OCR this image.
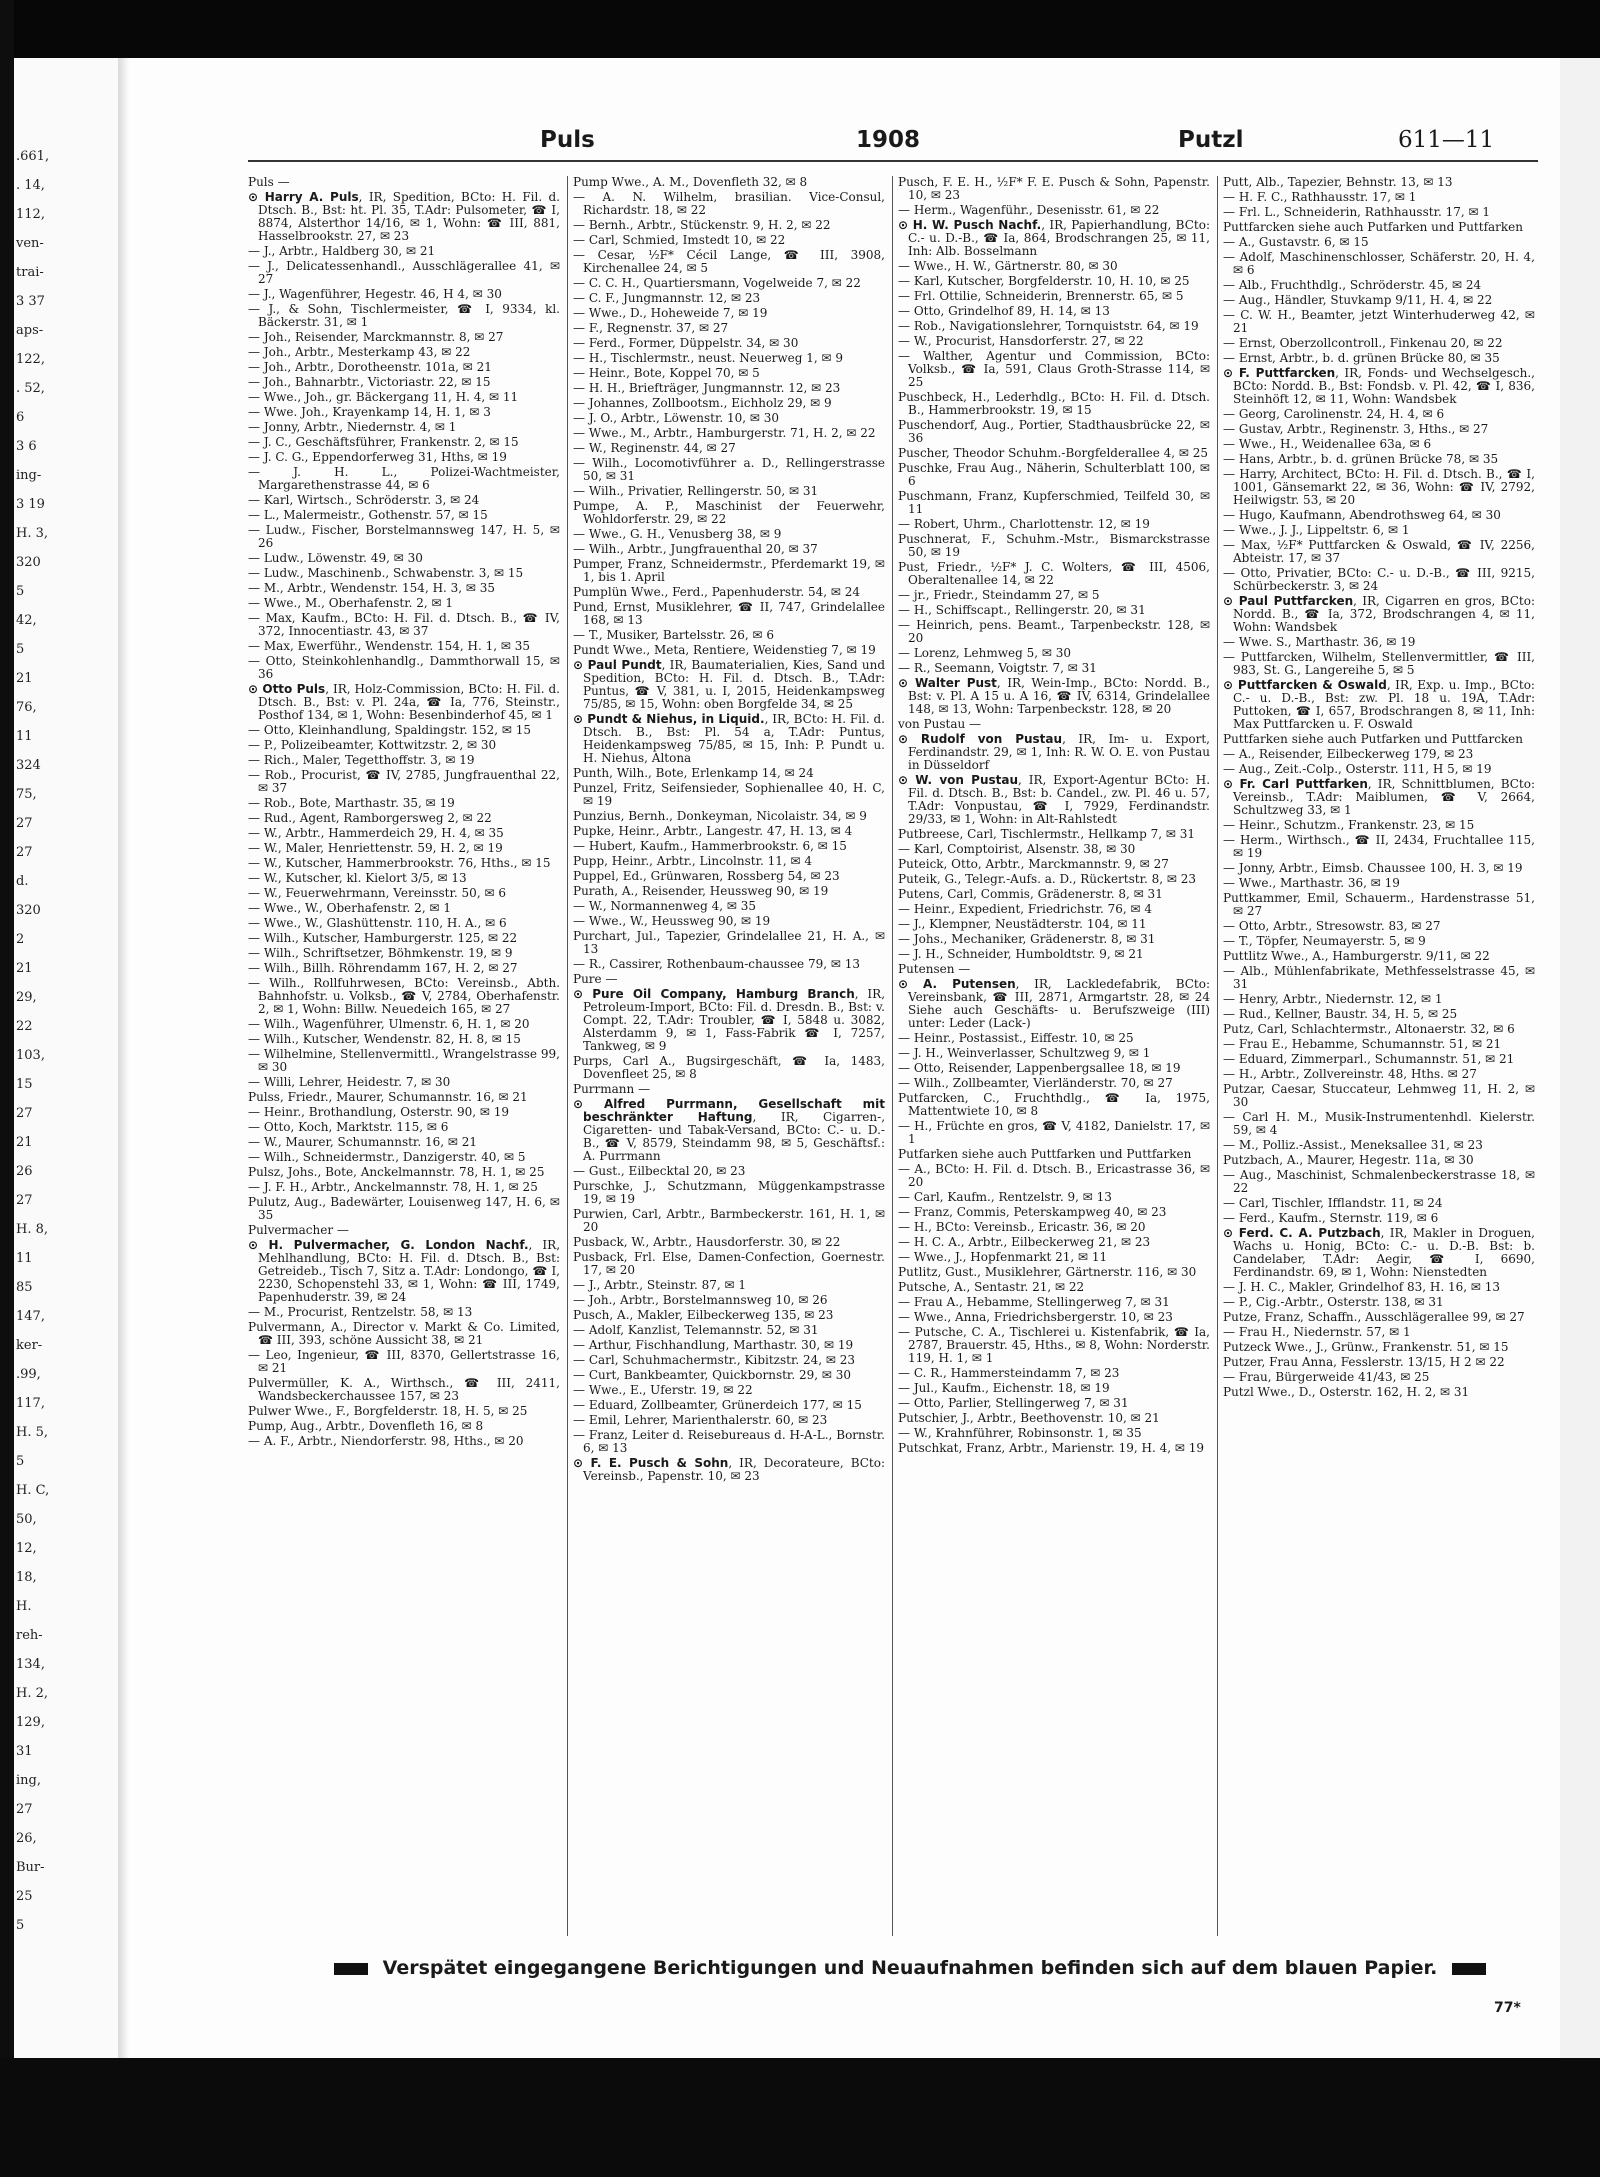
.661,
. 14,
112,
ven-
trai-
3 37
aps-
122,
. 52,
6
3 6
ing-
3 19
H. 3,
320
5
42,
5
21
76,
11
324
75,
27
27
d.
320
2
21
29,
22
103,
15
27
21
26
27
H. 8,
11
85
147,
ker-
.99,
117,
H. 5,
5
H. C,
50,
12,
18,
H.
reh-
134,
H. 2,
129,
31
ing,
27
26,
Bur-
25
5
Puls	1908	Putzl	611—11
Puls —
⊙ Harry A. Puls, IR, Spedition, BCto: H. Fil. d. Dtsch. B., Bst: ht. Pl. 35, T.Adr: Pulsometer, ☎ I, 8874, Alsterthor 14/16, ✉ 1, Wohn: ☎ III, 881, Hasselbrookstr. 27, ✉ 23
— J., Arbtr., Haldberg 30, ✉ 21
— J., Delicatessenhandl., Ausschlägerallee 41, ✉ 27
— J., Wagenführer, Hegestr. 46, H 4, ✉ 30
— J., & Sohn, Tischlermeister, ☎ I, 9334, kl. Bäckerstr. 31, ✉ 1
— Joh., Reisender, Marckmannstr. 8, ✉ 27
— Joh., Arbtr., Mesterkamp 43, ✉ 22
— Joh., Arbtr., Dorotheenstr. 101a, ✉ 21
— Joh., Bahnarbtr., Victoriastr. 22, ✉ 15
— Wwe., Joh., gr. Bäckergang 11, H. 4, ✉ 11
— Wwe. Joh., Krayenkamp 14, H. 1, ✉ 3
— Jonny, Arbtr., Niedernstr. 4, ✉ 1
— J. C., Geschäftsführer, Frankenstr. 2, ✉ 15
— J. C. G., Eppendorferweg 31, Hths, ✉ 19
— J. H. L., Polizei-Wachtmeister, Margarethenstrasse 44, ✉ 6
— Karl, Wirtsch., Schröderstr. 3, ✉ 24
— L., Malermeistr., Gothenstr. 57, ✉ 15
— Ludw., Fischer, Borstelmannsweg 147, H. 5, ✉ 26
— Ludw., Löwenstr. 49, ✉ 30
— Ludw., Maschinenb., Schwabenstr. 3, ✉ 15
— M., Arbtr., Wendenstr. 154, H. 3, ✉ 35
— Wwe., M., Oberhafenstr. 2, ✉ 1
— Max, Kaufm., BCto: H. Fil. d. Dtsch. B., ☎ IV, 372, Innocentiastr. 43, ✉ 37
— Max, Ewerführ., Wendenstr. 154, H. 1, ✉ 35
— Otto, Steinkohlenhandlg., Dammthorwall 15, ✉ 36
⊙ Otto Puls, IR, Holz-Commission, BCto: H. Fil. d. Dtsch. B., Bst: v. Pl. 24a, ☎ Ia, 776, Steinstr., Posthof 134, ✉ 1, Wohn: Besenbinderhof 45, ✉ 1
— Otto, Kleinhandlung, Spaldingstr. 152, ✉ 15
— P., Polizeibeamter, Kottwitzstr. 2, ✉ 30
— Rich., Maler, Tegetthoffstr. 3, ✉ 19
— Rob., Procurist, ☎ IV, 2785, Jungfrauenthal 22, ✉ 37
— Rob., Bote, Marthastr. 35, ✉ 19
— Rud., Agent, Ramborgersweg 2, ✉ 22
— W., Arbtr., Hammerdeich 29, H. 4, ✉ 35
— W., Maler, Henriettenstr. 59, H. 2, ✉ 19
— W., Kutscher, Hammerbrookstr. 76, Hths., ✉ 15
— W., Kutscher, kl. Kielort 3/5, ✉ 13
— W., Feuerwehrmann, Vereinsstr. 50, ✉ 6
— Wwe., W., Oberhafenstr. 2, ✉ 1
— Wwe., W., Glashüttenstr. 110, H. A., ✉ 6
— Wilh., Kutscher, Hamburgerstr. 125, ✉ 22
— Wilh., Schriftsetzer, Böhmkenstr. 19, ✉ 9
— Wilh., Billh. Röhrendamm 167, H. 2, ✉ 27
— Wilh., Rollfuhrwesen, BCto: Vereinsb., Abth. Bahnhofstr. u. Volksb., ☎ V, 2784, Oberhafenstr. 2, ✉ 1, Wohn: Billw. Neuedeich 165, ✉ 27
— Wilh., Wagenführer, Ulmenstr. 6, H. 1, ✉ 20
— Wilh., Kutscher, Wendenstr. 82, H. 8, ✉ 15
— Wilhelmine, Stellenvermittl., Wrangelstrasse 99, ✉ 30
— Willi, Lehrer, Heidestr. 7, ✉ 30
Pulss, Friedr., Maurer, Schumannstr. 16, ✉ 21
— Heinr., Brothandlung, Osterstr. 90, ✉ 19
— Otto, Koch, Marktstr. 115, ✉ 6
— W., Maurer, Schumannstr. 16, ✉ 21
— Wilh., Schneidermstr., Danzigerstr. 40, ✉ 5
Pulsz, Johs., Bote, Anckelmannstr. 78, H. 1, ✉ 25
— J. F. H., Arbtr., Anckelmannstr. 78, H. 1, ✉ 25
Pulutz, Aug., Badewärter, Louisenweg 147, H. 6, ✉ 35
Pulvermacher —
⊙ H. Pulvermacher, G. London Nachf., IR, Mehlhandlung, BCto: H. Fil. d. Dtsch. B., Bst: Getreideb., Tisch 7, Sitz a. T.Adr: Londongo, ☎ I, 2230, Schopenstehl 33, ✉ 1, Wohn: ☎ III, 1749, Papenhuderstr. 39, ✉ 24
— M., Procurist, Rentzelstr. 58, ✉ 13
Pulvermann, A., Director v. Markt & Co. Limited, ☎ III, 393, schöne Aussicht 38, ✉ 21
— Leo, Ingenieur, ☎ III, 8370, Gellertstrasse 16, ✉ 21
Pulvermüller, K. A., Wirthsch., ☎ III, 2411, Wandsbeckerchaussee 157, ✉ 23
Pulwer Wwe., F., Borgfelderstr. 18, H. 5, ✉ 25
Pump, Aug., Arbtr., Dovenfleth 16, ✉ 8
— A. F., Arbtr., Niendorferstr. 98, Hths., ✉ 20
Pump Wwe., A. M., Dovenfleth 32, ✉ 8
— A. N. Wilhelm, brasilian. Vice-Consul, Richardstr. 18, ✉ 22
— Bernh., Arbtr., Stückenstr. 9, H. 2, ✉ 22
— Carl, Schmied, Imstedt 10, ✉ 22
— Cesar, ½F* Cécil Lange, ☎ III, 3908, Kirchenallee 24, ✉ 5
— C. C. H., Quartiersmann, Vogelweide 7, ✉ 22
— C. F., Jungmannstr. 12, ✉ 23
— Wwe., D., Hoheweide 7, ✉ 19
— F., Regnenstr. 37, ✉ 27
— Ferd., Former, Düppelstr. 34, ✉ 30
— H., Tischlermstr., neust. Neuerweg 1, ✉ 9
— Heinr., Bote, Koppel 70, ✉ 5
— H. H., Briefträger, Jungmannstr. 12, ✉ 23
— Johannes, Zollbootsm., Eichholz 29, ✉ 9
— J. O., Arbtr., Löwenstr. 10, ✉ 30
— Wwe., M., Arbtr., Hamburgerstr. 71, H. 2, ✉ 22
— W., Reginenstr. 44, ✉ 27
— Wilh., Locomotivführer a. D., Rellingerstrasse 50, ✉ 31
— Wilh., Privatier, Rellingerstr. 50, ✉ 31
Pumpe, A. P., Maschinist der Feuerwehr, Wohldorferstr. 29, ✉ 22
— Wwe., G. H., Venusberg 38, ✉ 9
— Wilh., Arbtr., Jungfrauenthal 20, ✉ 37
Pumper, Franz, Schneidermstr., Pferdemarkt 19, ✉ 1, bis 1. April
Pumplün Wwe., Ferd., Papenhuderstr. 54, ✉ 24
Pund, Ernst, Musiklehrer, ☎ II, 747, Grindelallee 168, ✉ 13
— T., Musiker, Bartelsstr. 26, ✉ 6
Pundt Wwe., Meta, Rentiere, Weidenstieg 7, ✉ 19
⊙ Paul Pundt, IR, Baumaterialien, Kies, Sand und Spedition, BCto: H. Fil. d. Dtsch. B., T.Adr: Puntus, ☎ V, 381, u. I, 2015, Heidenkampsweg 75/85, ✉ 15, Wohn: oben Borgfelde 34, ✉ 25
⊙ Pundt & Niehus, in Liquid., IR, BCto: H. Fil. d. Dtsch. B., Bst: Pl. 54 a, T.Adr: Puntus, Heidenkampsweg 75/85, ✉ 15, Inh: P. Pundt u. H. Niehus, Altona
Punth, Wilh., Bote, Erlenkamp 14, ✉ 24
Punzel, Fritz, Seifensieder, Sophienallee 40, H. C, ✉ 19
Punzius, Bernh., Donkeyman, Nicolaistr. 34, ✉ 9
Pupke, Heinr., Arbtr., Langestr. 47, H. 13, ✉ 4
— Hubert, Kaufm., Hammerbrookstr. 6, ✉ 15
Pupp, Heinr., Arbtr., Lincolnstr. 11, ✉ 4
Puppel, Ed., Grünwaren, Rossberg 54, ✉ 23
Purath, A., Reisender, Heussweg 90, ✉ 19
— W., Normannenweg 4, ✉ 35
— Wwe., W., Heussweg 90, ✉ 19
Purchart, Jul., Tapezier, Grindelallee 21, H. A., ✉ 13
— R., Cassirer, Rothenbaum-chaussee 79, ✉ 13
Pure —
⊙ Pure Oil Company, Hamburg Branch, IR, Petroleum-Import, BCto: Fil. d. Dresdn. B., Bst: v. Compt. 22, T.Adr: Troubler, ☎ I, 5848 u. 3082, Alsterdamm 9, ✉ 1, Fass-Fabrik ☎ I, 7257, Tankweg, ✉ 9
Purps, Carl A., Bugsirgeschäft, ☎ Ia, 1483, Dovenfleet 25, ✉ 8
Purrmann —
⊙ Alfred Purrmann, Gesellschaft mit beschränkter Haftung, IR, Cigarren-, Cigaretten- und Tabak-Versand, BCto: C.- u. D.-B., ☎ V, 8579, Steindamm 98, ✉ 5, Geschäftsf.: A. Purrmann
— Gust., Eilbecktal 20, ✉ 23
Purschke, J., Schutzmann, Müggenkampstrasse 19, ✉ 19
Purwien, Carl, Arbtr., Barmbeckerstr. 161, H. 1, ✉ 20
Pusback, W., Arbtr., Hausdorferstr. 30, ✉ 22
Pusback, Frl. Else, Damen-Confection, Goernestr. 17, ✉ 20
— J., Arbtr., Steinstr. 87, ✉ 1
— Joh., Arbtr., Borstelmannsweg 10, ✉ 26
Pusch, A., Makler, Eilbeckerweg 135, ✉ 23
— Adolf, Kanzlist, Telemannstr. 52, ✉ 31
— Arthur, Fischhandlung, Marthastr. 30, ✉ 19
— Carl, Schuhmachermstr., Kibitzstr. 24, ✉ 23
— Curt, Bankbeamter, Quickbornstr. 29, ✉ 30
— Wwe., E., Uferstr. 19, ✉ 22
— Eduard, Zollbeamter, Grünerdeich 177, ✉ 15
— Emil, Lehrer, Marienthalerstr. 60, ✉ 23
— Franz, Leiter d. Reisebureaus d. H-A-L., Bornstr. 6, ✉ 13
⊙ F. E. Pusch & Sohn, IR, Decorateure, BCto: Vereinsb., Papenstr. 10, ✉ 23
Pusch, F. E. H., ½F* F. E. Pusch & Sohn, Papenstr. 10, ✉ 23
— Herm., Wagenführ., Desenisstr. 61, ✉ 22
⊙ H. W. Pusch Nachf., IR, Papierhandlung, BCto: C.- u. D.-B., ☎ Ia, 864, Brodschrangen 25, ✉ 11, Inh: Alb. Bosselmann
— Wwe., H. W., Gärtnerstr. 80, ✉ 30
— Karl, Kutscher, Borgfelderstr. 10, H. 10, ✉ 25
— Frl. Ottilie, Schneiderin, Brennerstr. 65, ✉ 5
— Otto, Grindelhof 89, H. 14, ✉ 13
— Rob., Navigationslehrer, Tornquiststr. 64, ✉ 19
— W., Procurist, Hansdorferstr. 27, ✉ 22
— Walther, Agentur und Commission, BCto: Volksb., ☎ Ia, 591, Claus Groth-Strasse 114, ✉ 25
Puschbeck, H., Lederhdlg., BCto: H. Fil. d. Dtsch. B., Hammerbrookstr. 19, ✉ 15
Puschendorf, Aug., Portier, Stadthausbrücke 22, ✉ 36
Puscher, Theodor Schuhm.-Borgfelderallee 4, ✉ 25
Puschke, Frau Aug., Näherin, Schulterblatt 100, ✉ 6
Puschmann, Franz, Kupferschmied, Teilfeld 30, ✉ 11
— Robert, Uhrm., Charlottenstr. 12, ✉ 19
Puschnerat, F., Schuhm.-Mstr., Bismarckstrasse 50, ✉ 19
Pust, Friedr., ½F* J. C. Wolters, ☎ III, 4506, Oberaltenallee 14, ✉ 22
— jr., Friedr., Steindamm 27, ✉ 5
— H., Schiffscapt., Rellingerstr. 20, ✉ 31
— Heinrich, pens. Beamt., Tarpenbeckstr. 128, ✉ 20
— Lorenz, Lehmweg 5, ✉ 30
— R., Seemann, Voigtstr. 7, ✉ 31
⊙ Walter Pust, IR, Wein-Imp., BCto: Nordd. B., Bst: v. Pl. A 15 u. A 16, ☎ IV, 6314, Grindelallee 148, ✉ 13, Wohn: Tarpenbeckstr. 128, ✉ 20
von Pustau —
⊙ Rudolf von Pustau, IR, Im- u. Export, Ferdinandstr. 29, ✉ 1, Inh: R. W. O. E. von Pustau in Düsseldorf
⊙ W. von Pustau, IR, Export-Agentur BCto: H. Fil. d. Dtsch. B., Bst: b. Candel., zw. Pl. 46 u. 57, T.Adr: Vonpustau, ☎ I, 7929, Ferdinandstr. 29/33, ✉ 1, Wohn: in Alt-Rahlstedt
Putbreese, Carl, Tischlermstr., Hellkamp 7, ✉ 31
— Karl, Comptoirist, Alsenstr. 38, ✉ 30
Puteick, Otto, Arbtr., Marckmannstr. 9, ✉ 27
Puteik, G., Telegr.-Aufs. a. D., Rückertstr. 8, ✉ 23
Putens, Carl, Commis, Grädenerstr. 8, ✉ 31
— Heinr., Expedient, Friedrichstr. 76, ✉ 4
— J., Klempner, Neustädterstr. 104, ✉ 11
— Johs., Mechaniker, Grädenerstr. 8, ✉ 31
— J. H., Schneider, Humboldtstr. 9, ✉ 21
Putensen —
⊙ A. Putensen, IR, Lackledefabrik, BCto: Vereinsbank, ☎ III, 2871, Armgartstr. 28, ✉ 24 Siehe auch Geschäfts- u. Berufszweige (III) unter: Leder (Lack-)
— Heinr., Postassist., Eiffestr. 10, ✉ 25
— J. H., Weinverlasser, Schultzweg 9, ✉ 1
— Otto, Reisender, Lappenbergsallee 18, ✉ 19
— Wilh., Zollbeamter, Vierländerstr. 70, ✉ 27
Putfarcken, C., Fruchthdlg., ☎ Ia, 1975, Mattentwiete 10, ✉ 8
— H., Früchte en gros, ☎ V, 4182, Danielstr. 17, ✉ 1
Putfarken siehe auch Puttfarken und Puttfarken
— A., BCto: H. Fil. d. Dtsch. B., Ericastrasse 36, ✉ 20
— Carl, Kaufm., Rentzelstr. 9, ✉ 13
— Franz, Commis, Peterskampweg 40, ✉ 23
— H., BCto: Vereinsb., Ericastr. 36, ✉ 20
— H. C. A., Arbtr., Eilbeckerweg 21, ✉ 23
— Wwe., J., Hopfenmarkt 21, ✉ 11
Putlitz, Gust., Musiklehrer, Gärtnerstr. 116, ✉ 30
Putsche, A., Sentastr. 21, ✉ 22
— Frau A., Hebamme, Stellingerweg 7, ✉ 31
— Wwe., Anna, Friedrichsbergerstr. 10, ✉ 23
— Putsche, C. A., Tischlerei u. Kistenfabrik, ☎ Ia, 2787, Brauerstr. 45, Hths., ✉ 8, Wohn: Norderstr. 119, H. 1, ✉ 1
— C. R., Hammersteindamm 7, ✉ 23
— Jul., Kaufm., Eichenstr. 18, ✉ 19
— Otto, Parlier, Stellingerweg 7, ✉ 31
Putschier, J., Arbtr., Beethovenstr. 10, ✉ 21
— W., Krahnführer, Robinsonstr. 1, ✉ 35
Putschkat, Franz, Arbtr., Marienstr. 19, H. 4, ✉ 19
Putt, Alb., Tapezier, Behnstr. 13, ✉ 13
— H. F. C., Rathhausstr. 17, ✉ 1
— Frl. L., Schneiderin, Rathhausstr. 17, ✉ 1
Puttfarcken siehe auch Putfarken und Puttfarken
— A., Gustavstr. 6, ✉ 15
— Adolf, Maschinenschlosser, Schäferstr. 20, H. 4, ✉ 6
— Alb., Fruchthdlg., Schröderstr. 45, ✉ 24
— Aug., Händler, Stuvkamp 9/11, H. 4, ✉ 22
— C. W. H., Beamter, jetzt Winterhuderweg 42, ✉ 21
— Ernst, Oberzollcontroll., Finkenau 20, ✉ 22
— Ernst, Arbtr., b. d. grünen Brücke 80, ✉ 35
⊙ F. Puttfarcken, IR, Fonds- und Wechselgesch., BCto: Nordd. B., Bst: Fondsb. v. Pl. 42, ☎ I, 836, Steinhöft 12, ✉ 11, Wohn: Wandsbek
— Georg, Carolinenstr. 24, H. 4, ✉ 6
— Gustav, Arbtr., Reginenstr. 3, Hths., ✉ 27
— Wwe., H., Weidenallee 63a, ✉ 6
— Hans, Arbtr., b. d. grünen Brücke 78, ✉ 35
— Harry, Architect, BCto: H. Fil. d. Dtsch. B., ☎ I, 1001, Gänsemarkt 22, ✉ 36, Wohn: ☎ IV, 2792, Heilwigstr. 53, ✉ 20
— Hugo, Kaufmann, Abendrothsweg 64, ✉ 30
— Wwe., J. J., Lippeltstr. 6, ✉ 1
— Max, ½F* Puttfarcken & Oswald, ☎ IV, 2256, Abteistr. 17, ✉ 37
— Otto, Privatier, BCto: C.- u. D.-B., ☎ III, 9215, Schürbeckerstr. 3, ✉ 24
⊙ Paul Puttfarcken, IR, Cigarren en gros, BCto: Nordd. B., ☎ Ia, 372, Brodschrangen 4, ✉ 11, Wohn: Wandsbek
— Wwe. S., Marthastr. 36, ✉ 19
— Puttfarcken, Wilhelm, Stellenvermittler, ☎ III, 983, St. G., Langereihe 5, ✉ 5
⊙ Puttfarcken & Oswald, IR, Exp. u. Imp., BCto: C.- u. D.-B., Bst: zw. Pl. 18 u. 19A, T.Adr: Puttoken, ☎ I, 657, Brodschrangen 8, ✉ 11, Inh: Max Puttfarcken u. F. Oswald
Puttfarken siehe auch Putfarken und Puttfarcken
— A., Reisender, Eilbeckerweg 179, ✉ 23
— Aug., Zeit.-Colp., Osterstr. 111, H 5, ✉ 19
⊙ Fr. Carl Puttfarken, IR, Schnittblumen, BCto: Vereinsb., T.Adr: Maiblumen, ☎ V, 2664, Schultzweg 33, ✉ 1
— Heinr., Schutzm., Frankenstr. 23, ✉ 15
— Herm., Wirthsch., ☎ II, 2434, Fruchtallee 115, ✉ 19
— Jonny, Arbtr., Eimsb. Chaussee 100, H. 3, ✉ 19
— Wwe., Marthastr. 36, ✉ 19
Puttkammer, Emil, Schauerm., Hardenstrasse 51, ✉ 27
— Otto, Arbtr., Stresowstr. 83, ✉ 27
— T., Töpfer, Neumayerstr. 5, ✉ 9
Puttlitz Wwe., A., Hamburgerstr. 9/11, ✉ 22
— Alb., Mühlenfabrikate, Methfesselstrasse 45, ✉ 31
— Henry, Arbtr., Niedernstr. 12, ✉ 1
— Rud., Kellner, Baustr. 34, H. 5, ✉ 25
Putz, Carl, Schlachtermstr., Altonaerstr. 32, ✉ 6
— Frau E., Hebamme, Schumannstr. 51, ✉ 21
— Eduard, Zimmerparl., Schumannstr. 51, ✉ 21
— H., Arbtr., Zollvereinstr. 48, Hths. ✉ 27
Putzar, Caesar, Stuccateur, Lehmweg 11, H. 2, ✉ 30
— Carl H. M., Musik-Instrumentenhdl. Kielerstr. 59, ✉ 4
— M., Polliz.-Assist., Meneksallee 31, ✉ 23
Putzbach, A., Maurer, Hegestr. 11a, ✉ 30
— Aug., Maschinist, Schmalenbeckerstrasse 18, ✉ 22
— Carl, Tischler, Ifflandstr. 11, ✉ 24
— Ferd., Kaufm., Sternstr. 119, ✉ 6
⊙ Ferd. C. A. Putzbach, IR, Makler in Droguen, Wachs u. Honig, BCto: C.- u. D.-B. Bst: b. Candelaber, T.Adr: Aegir, ☎ I, 6690, Ferdinandstr. 69, ✉ 1, Wohn: Nienstedten
— J. H. C., Makler, Grindelhof 83, H. 16, ✉ 13
— P., Cig.-Arbtr., Osterstr. 138, ✉ 31
Putze, Franz, Schaffn., Ausschlägerallee 99, ✉ 27
— Frau H., Niedernstr. 57, ✉ 1
Putzeck Wwe., J., Grünw., Frankenstr. 51, ✉ 15
Putzer, Frau Anna, Fesslerstr. 13/15, H 2 ✉ 22
— Frau, Bürgerweide 41/43, ✉ 25
Putzl Wwe., D., Osterstr. 162, H. 2, ✉ 31
Verspätet eingegangene Berichtigungen und Neuaufnahmen befinden sich auf dem blauen Papier.
77*
